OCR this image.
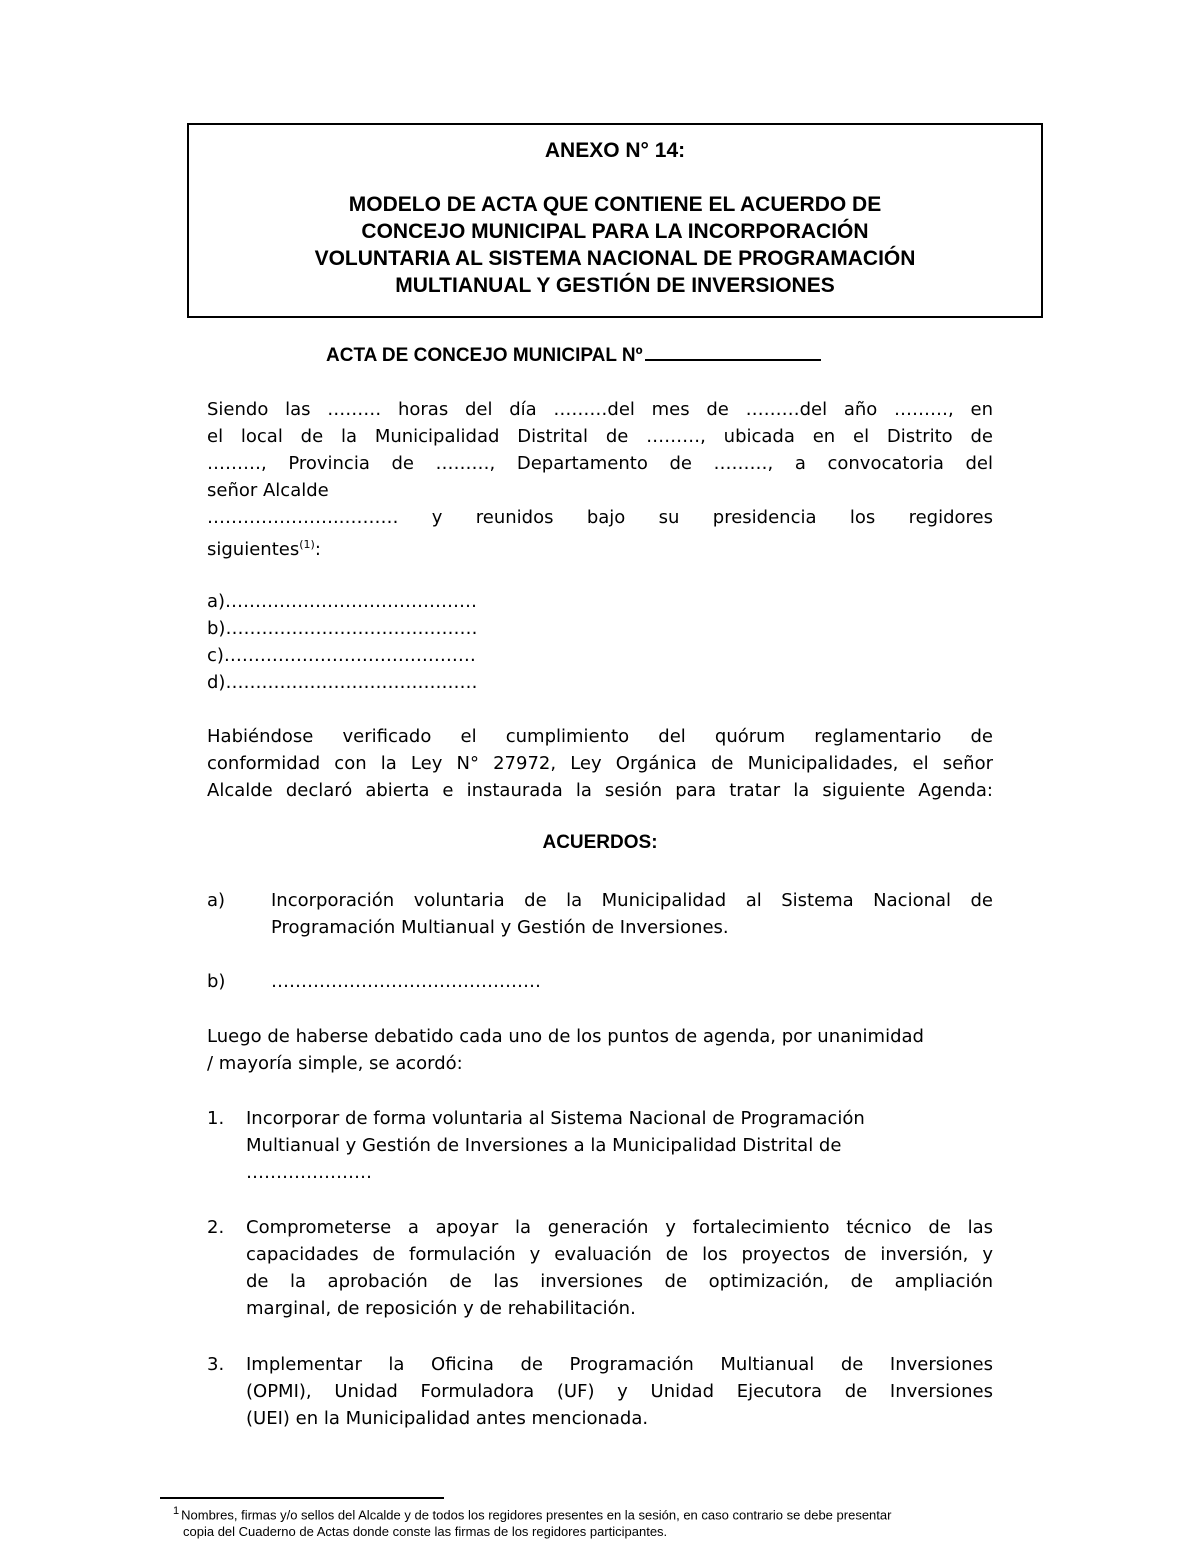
ANEXO N° 14:
MODELO DE ACTA QUE CONTIENE EL ACUERDO DE
CONCEJO MUNICIPAL PARA LA INCORPORACIÓN
VOLUNTARIA AL SISTEMA NACIONAL DE PROGRAMACIÓN
MULTIANUAL Y GESTIÓN DE INVERSIONES
ACTA DE CONCEJO MUNICIPAL Nº
Siendo las ……… horas del día ………del mes de ………del año ………, en
el local de la Municipalidad Distrital de ………, ubicada en el Distrito de
………, Provincia de ………, Departamento de ………, a convocatoria del
señor Alcalde
…………………..……… y reunidos bajo su presidencia los regidores
siguientes$^{(1)}$:
a)……………………………………
b)……………………………………
c)……………………………………
d)……………………………………
Habiéndose verificado el cumplimiento del quórum reglamentario de
conformidad con la Ley N° 27972, Ley Orgánica de Municipalidades, el señor
Alcalde declaró abierta e instaurada la sesión para tratar la siguiente Agenda:
ACUERDOS:
a)	Incorporación voluntaria de la Municipalidad al Sistema Nacional de
Programación Multianual y Gestión de Inversiones.
b)	………………………………………
Luego de haberse debatido cada uno de los puntos de agenda, por unanimidad
/ mayoría simple, se acordó:
1. Incorporar de forma voluntaria al Sistema Nacional de Programación
Multianual y Gestión de Inversiones a la Municipalidad Distrital de
…………………
2. Comprometerse a apoyar la generación y fortalecimiento técnico de las
capacidades de formulación y evaluación de los proyectos de inversión, y
de la aprobación de las inversiones de optimización, de ampliación
marginal, de reposición y de rehabilitación.
3. Implementar la Oficina de Programación Multianual de Inversiones
(OPMI), Unidad Formuladora (UF) y Unidad Ejecutora de Inversiones
(UEI) en la Municipalidad antes mencionada.
$^1$ Nombres, firmas y/o sellos del Alcalde y de todos los regidores presentes en la sesión, en caso contrario se debe presentar
copia del Cuaderno de Actas donde conste las firmas de los regidores participantes.
